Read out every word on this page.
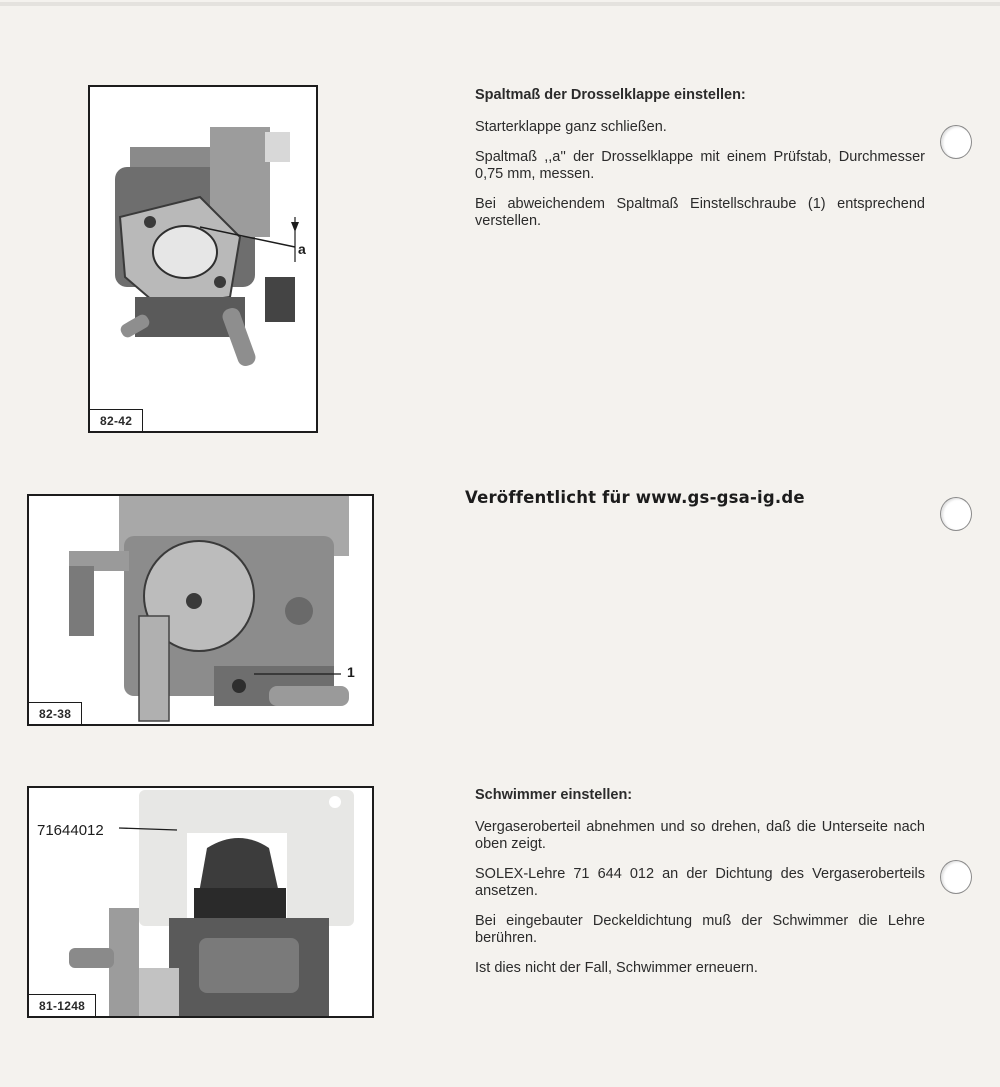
a
82-42
1
82-38
71644012
81-1248

Spaltmaß der Drosselklappe einstellen:

Starterklappe ganz schließen.

Spaltmaß ,,a'' der Drosselklappe mit einem Prüfstab, Durchmesser 0,75 mm, messen.

Bei abweichendem Spaltmaß Einstellschraube (1) entsprechend verstellen.

Veröffentlicht für www.gs-gsa-ig.de

Schwimmer einstellen:

Vergaseroberteil abnehmen und so drehen, daß die Unterseite nach oben zeigt.

SOLEX-Lehre 71 644 012 an der Dichtung des Vergaseroberteils ansetzen.

Bei eingebauter Deckeldichtung muß der Schwimmer die Lehre berühren.

Ist dies nicht der Fall, Schwimmer erneuern.
